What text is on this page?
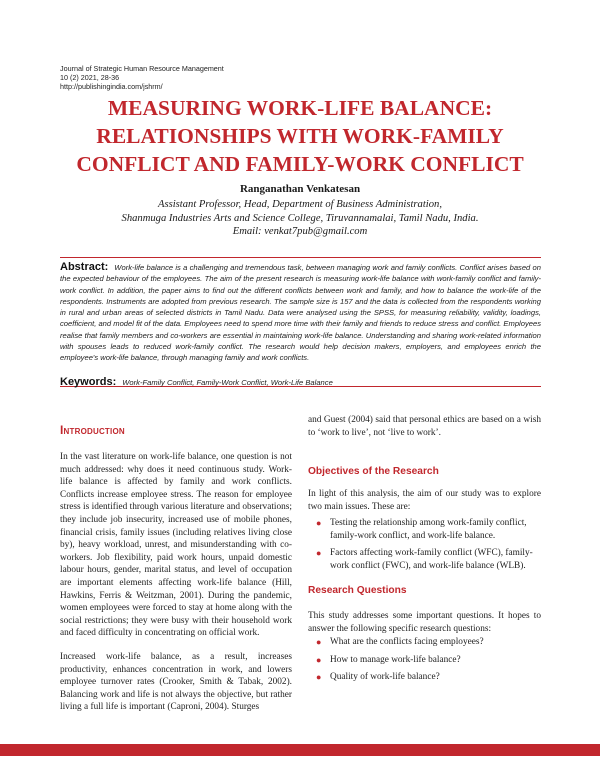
Journal of Strategic Human Resource Management
10 (2) 2021, 28-36
http://publishingindia.com/jshrm/
MEASURING WORK-LIFE BALANCE:
RELATIONSHIPS WITH WORK-FAMILY
CONFLICT AND FAMILY-WORK CONFLICT
Ranganathan Venkatesan
Assistant Professor, Head, Department of Business Administration,
Shanmuga Industries Arts and Science College, Tiruvannamalai, Tamil Nadu, India.
Email: venkat7pub@gmail.com
Abstract: Work-life balance is a challenging and tremendous task, between managing work and family conflicts. Conflict arises based on the expected behaviour of the employees. The aim of the present research is measuring work-life balance with work-family conflict and family-work conflict. In addition, the paper aims to find out the different conflicts between work and family, and how to balance the work-life of the respondents. Instruments are adopted from previous research. The sample size is 157 and the data is collected from the respondents working in rural and urban areas of selected districts in Tamil Nadu. Data were analysed using the SPSS, for measuring reliability, validity, loadings, coefficient, and model fit of the data. Employees need to spend more time with their family and friends to reduce stress and conflict. Employees realise that family members and co-workers are essential in maintaining work-life balance. Understanding and sharing work-related information with spouses leads to reduced work-family conflict. The research would help decision makers, employers, and employees enrich the employee's work-life balance, through managing family and work conflicts.
Keywords: Work-Family Conflict, Family-Work Conflict, Work-Life Balance
Introduction

In the vast literature on work-life balance, one question is not much addressed: why does it need continuous study. Work-life balance is affected by family and work conflicts. Conflicts increase employee stress. The reason for employee stress is identified through various literature and observations; they include job insecurity, increased use of mobile phones, financial crisis, family issues (including relatives living close by), heavy workload, unrest, and misunderstanding with co-workers. Job flexibility, paid work hours, unpaid domestic labour hours, gender, marital status, and level of occupation are important elements affecting work-life balance (Hill, Hawkins, Ferris & Weitzman, 2001). During the pandemic, women employees were forced to stay at home along with the social restrictions; they were busy with their household work and faced difficulty in concentrating on official work.

Increased work-life balance, as a result, increases productivity, enhances concentration in work, and lowers employee turnover rates (Crooker, Smith & Tabak, 2002). Balancing work and life is not always the objective, but rather living a full life is important (Caproni, 2004). Sturges

and Guest (2004) said that personal ethics are based on a wish to ‘work to live’, not ‘live to work’.
Objectives of the Research
In light of this analysis, the aim of our study was to explore two main issues. These are:
● Testing the relationship among work-family conflict, family-work conflict, and work-life balance.
● Factors affecting work-family conflict (WFC), family-work conflict (FWC), and work-life balance (WLB).
Research Questions
This study addresses some important questions. It hopes to answer the following specific research questions:
● What are the conflicts facing employees?
● How to manage work-life balance?
● Quality of work-life balance?
